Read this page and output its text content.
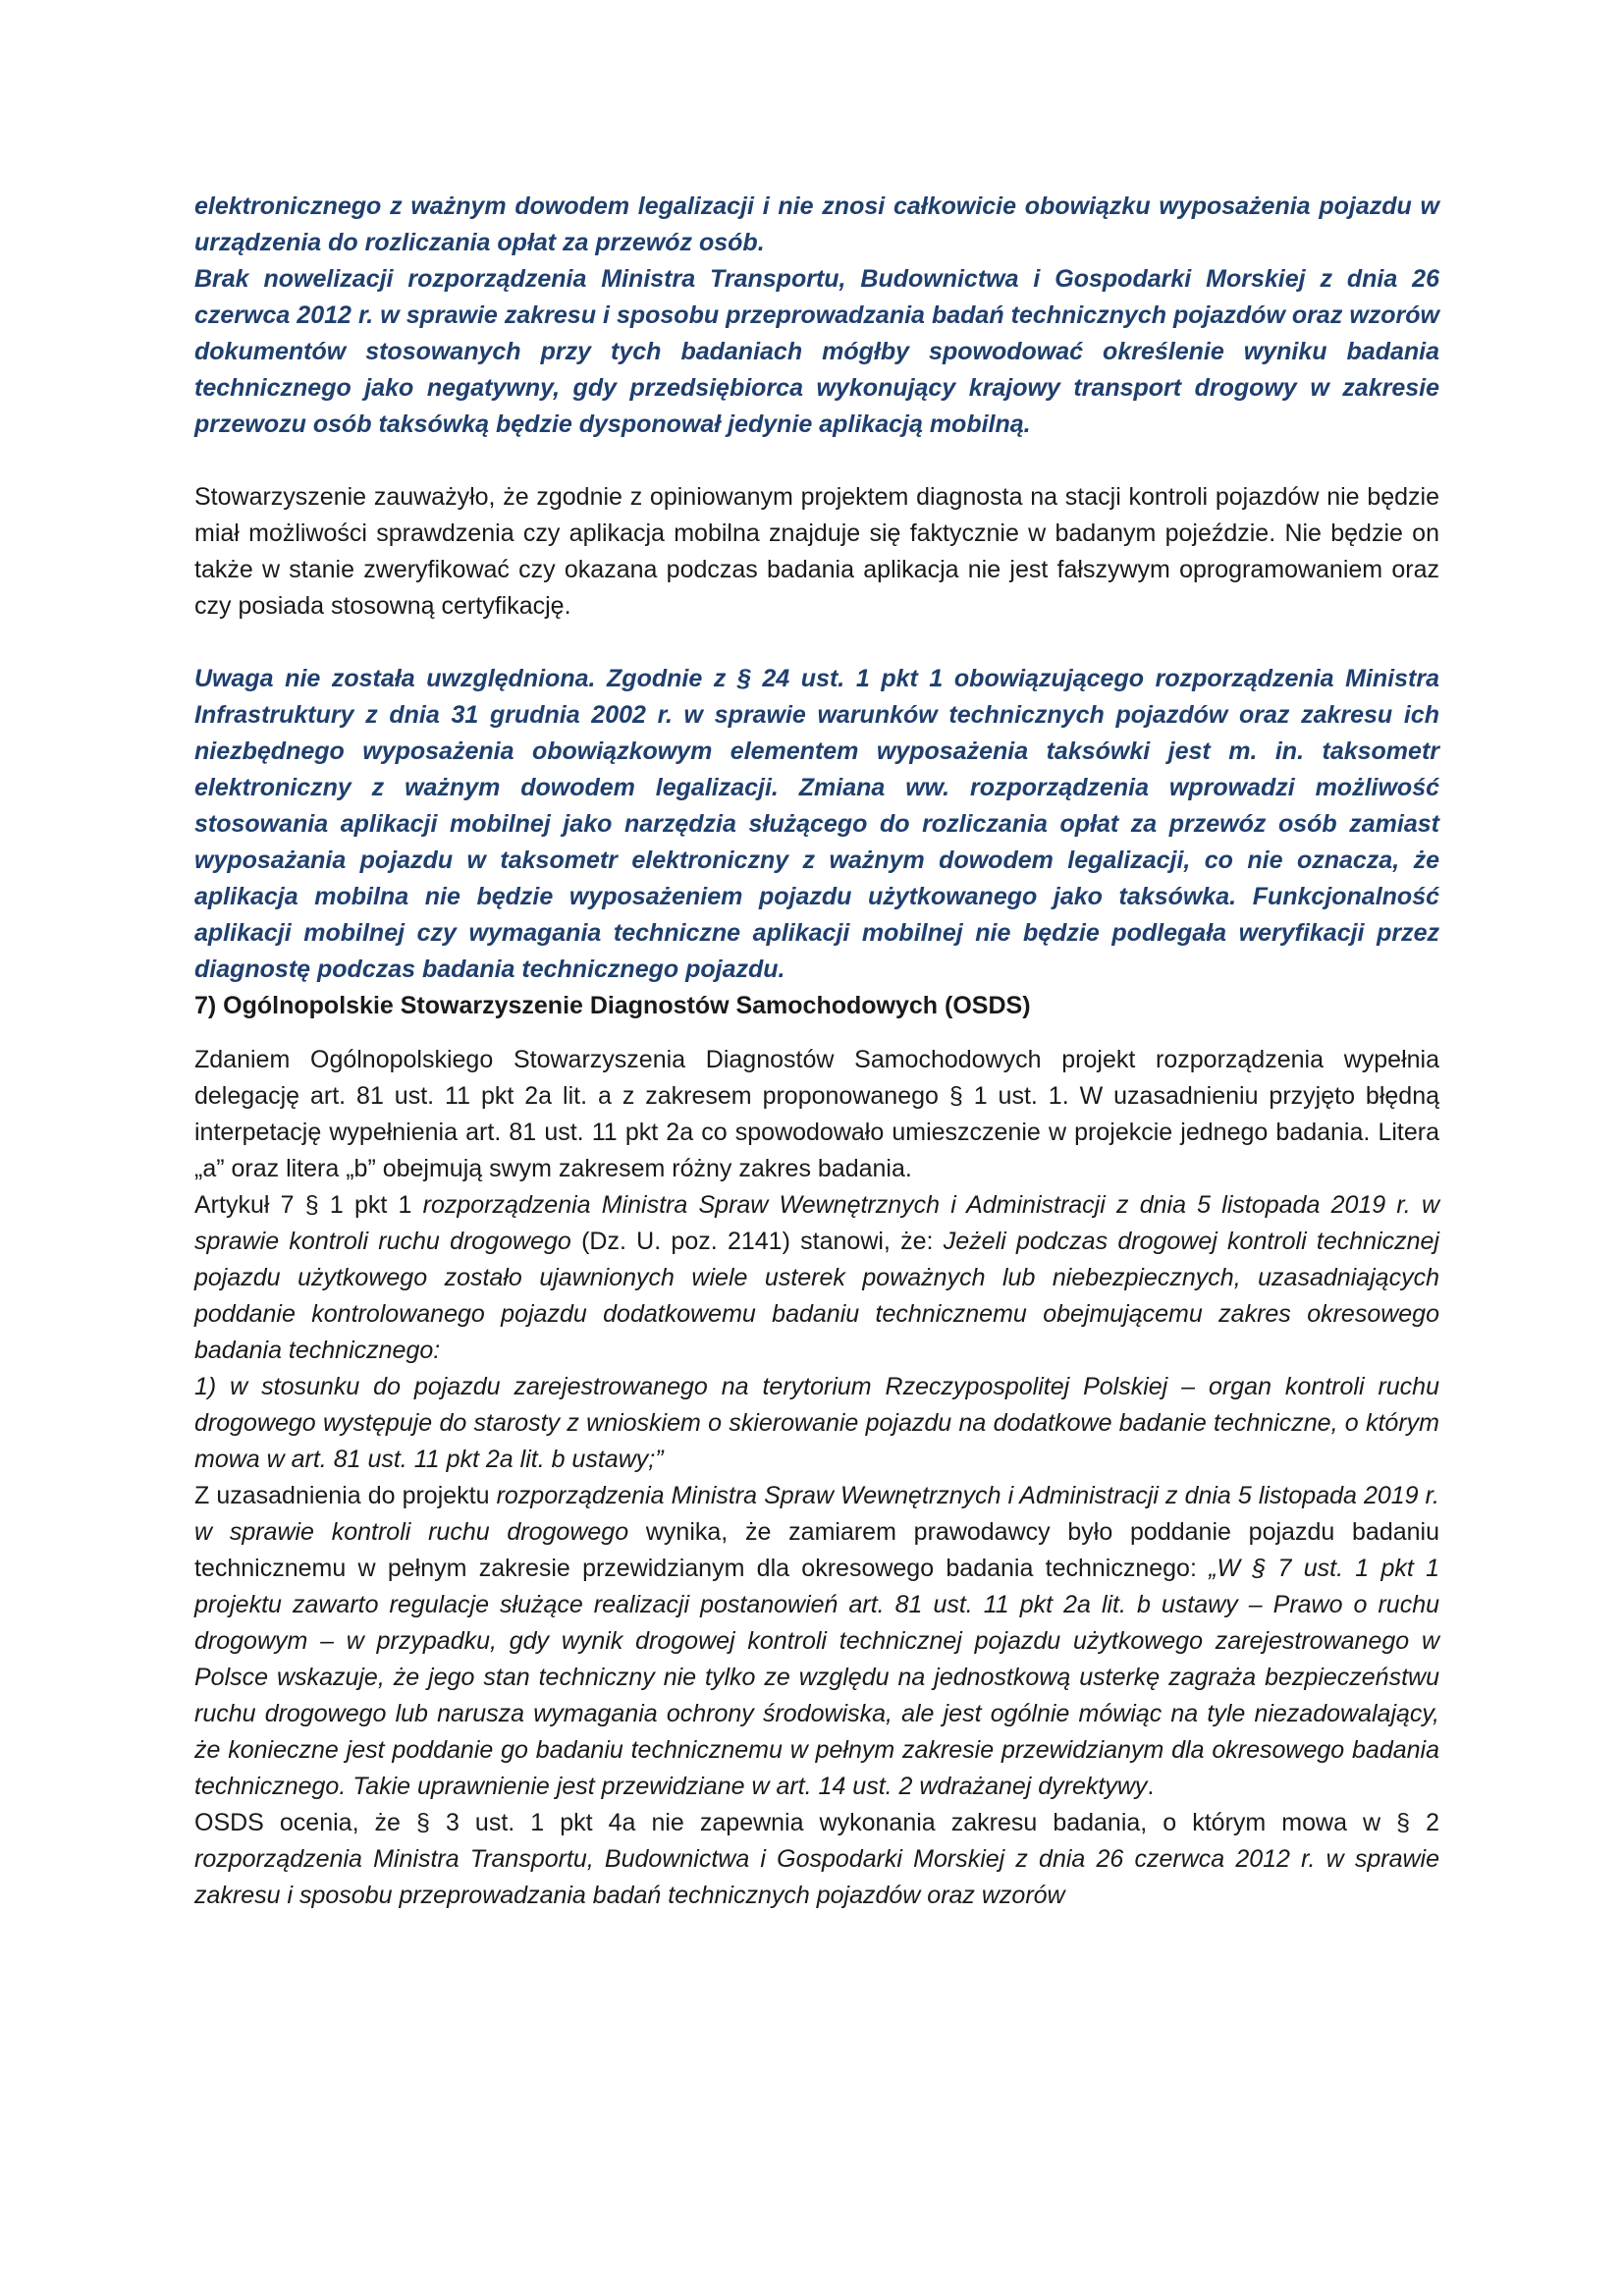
elektronicznego z ważnym dowodem legalizacji i nie znosi całkowicie obowiązku wyposażenia pojazdu w urządzenia do rozliczania opłat za przewóz osób.

Brak nowelizacji rozporządzenia Ministra Transportu, Budownictwa i Gospodarki Morskiej z dnia 26 czerwca 2012 r. w sprawie zakresu i sposobu przeprowadzania badań technicznych pojazdów oraz wzorów dokumentów stosowanych przy tych badaniach mógłby spowodować określenie wyniku badania technicznego jako negatywny, gdy przedsiębiorca wykonujący krajowy transport drogowy w zakresie przewozu osób taksówką będzie dysponował jedynie aplikacją mobilną.

Stowarzyszenie zauważyło, że zgodnie z opiniowanym projektem diagnosta na stacji kontroli pojazdów nie będzie miał możliwości sprawdzenia czy aplikacja mobilna znajduje się faktycznie w badanym pojeździe. Nie będzie on także w stanie zweryfikować czy okazana podczas badania aplikacja nie jest fałszywym oprogramowaniem oraz czy posiada stosowną certyfikację.

Uwaga nie została uwzględniona. Zgodnie z § 24 ust. 1 pkt 1 obowiązującego rozporządzenia Ministra Infrastruktury z dnia 31 grudnia 2002 r. w sprawie warunków technicznych pojazdów oraz zakresu ich niezbędnego wyposażenia obowiązkowym elementem wyposażenia taksówki jest m. in. taksometr elektroniczny z ważnym dowodem legalizacji. Zmiana ww. rozporządzenia wprowadzi możliwość stosowania aplikacji mobilnej jako narzędzia służącego do rozliczania opłat za przewóz osób zamiast wyposażania pojazdu w taksometr elektroniczny z ważnym dowodem legalizacji, co nie oznacza, że aplikacja mobilna nie będzie wyposażeniem pojazdu użytkowanego jako taksówka. Funkcjonalność aplikacji mobilnej czy wymagania techniczne aplikacji mobilnej nie będzie podlegała weryfikacji przez diagnostę podczas badania technicznego pojazdu.

7) Ogólnopolskie Stowarzyszenie Diagnostów Samochodowych (OSDS)

Zdaniem Ogólnopolskiego Stowarzyszenia Diagnostów Samochodowych projekt rozporządzenia wypełnia delegację art. 81 ust. 11 pkt 2a lit. a z zakresem proponowanego § 1 ust. 1. W uzasadnieniu przyjęto błędną interpetację wypełnienia art. 81 ust. 11 pkt 2a co spowodowało umieszczenie w projekcie jednego badania. Litera „a” oraz litera „b” obejmują swym zakresem różny zakres badania.

Artykuł 7 § 1 pkt 1 rozporządzenia Ministra Spraw Wewnętrznych i Administracji z dnia 5 listopada 2019 r. w sprawie kontroli ruchu drogowego (Dz. U. poz. 2141) stanowi, że: Jeżeli podczas drogowej kontroli technicznej pojazdu użytkowego zostało ujawnionych wiele usterek poważnych lub niebezpiecznych, uzasadniających poddanie kontrolowanego pojazdu dodatkowemu badaniu technicznemu obejmującemu zakres okresowego badania technicznego:

1) w stosunku do pojazdu zarejestrowanego na terytorium Rzeczypospolitej Polskiej – organ kontroli ruchu drogowego występuje do starosty z wnioskiem o skierowanie pojazdu na dodatkowe badanie techniczne, o którym mowa w art. 81 ust. 11 pkt 2a lit. b ustawy;”

Z uzasadnienia do projektu rozporządzenia Ministra Spraw Wewnętrznych i Administracji z dnia 5 listopada 2019 r. w sprawie kontroli ruchu drogowego wynika, że zamiarem prawodawcy było poddanie pojazdu badaniu technicznemu w pełnym zakresie przewidzianym dla okresowego badania technicznego: „W § 7 ust. 1 pkt 1 projektu zawarto regulacje służące realizacji postanowień art. 81 ust. 11 pkt 2a lit. b ustawy – Prawo o ruchu drogowym – w przypadku, gdy wynik drogowej kontroli technicznej pojazdu użytkowego zarejestrowanego w Polsce wskazuje, że jego stan techniczny nie tylko ze względu na jednostkową usterkę zagraża bezpieczeństwu ruchu drogowego lub narusza wymagania ochrony środowiska, ale jest ogólnie mówiąc na tyle niezadowalający, że konieczne jest poddanie go badaniu technicznemu w pełnym zakresie przewidzianym dla okresowego badania technicznego. Takie uprawnienie jest przewidziane w art. 14 ust. 2 wdrażanej dyrektywy.

OSDS ocenia, że § 3 ust. 1 pkt 4a nie zapewnia wykonania zakresu badania, o którym mowa w § 2 rozporządzenia Ministra Transportu, Budownictwa i Gospodarki Morskiej z dnia 26 czerwca 2012 r. w sprawie zakresu i sposobu przeprowadzania badań technicznych pojazdów oraz wzorów
